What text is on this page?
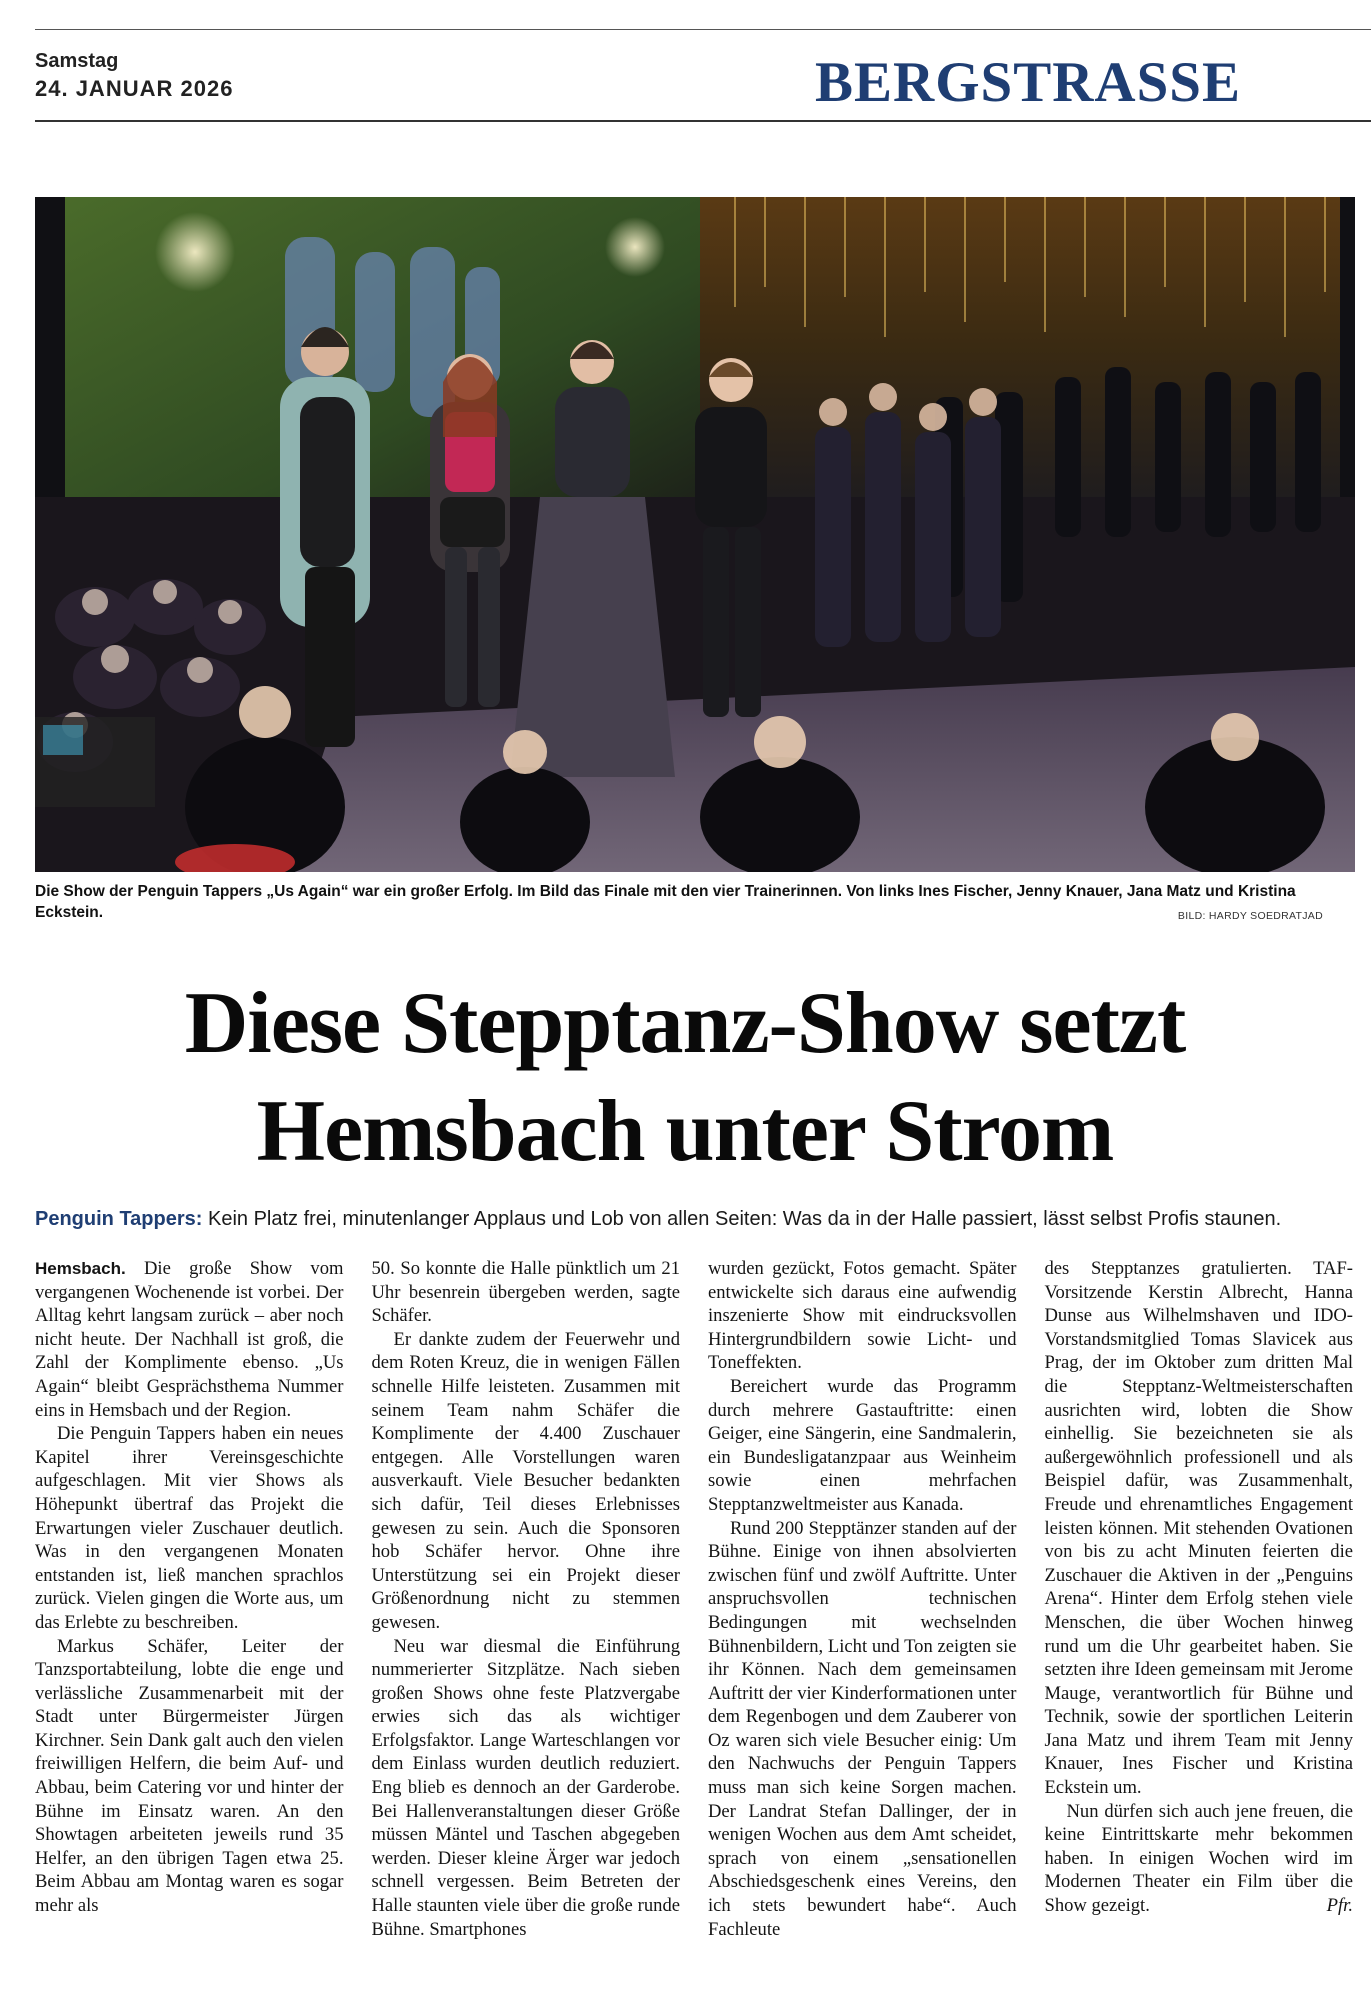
Samstag
24. JANUAR 2026	BERGSTRASSE
Die Show der Penguin Tappers „Us Again“ war ein großer Erfolg. Im Bild das Finale mit den vier Trainerinnen. Von links Ines Fischer, Jenny Knauer, Jana Matz und Kristina Eckstein.	BILD: HARDY SOEDRATJAD
Diese Stepptanz-Show setzt
Hemsbach unter Strom
Penguin Tappers: Kein Platz frei, minutenlanger Applaus und Lob von allen Seiten: Was da in der Halle passiert, lässt selbst Profis staunen.

Hemsbach. Die große Show vom vergangenen Wochenende ist vorbei. Der Alltag kehrt langsam zurück – aber noch nicht heute. Der Nachhall ist groß, die Zahl der Komplimente ebenso. „Us Again“ bleibt Gesprächsthema Nummer eins in Hemsbach und der Region.

Die Penguin Tappers haben ein neues Kapitel ihrer Vereinsgeschichte aufgeschlagen. Mit vier Shows als Höhepunkt übertraf das Projekt die Erwartungen vieler Zuschauer deutlich. Was in den vergangenen Monaten entstanden ist, ließ manchen sprachlos zurück. Vielen gingen die Worte aus, um das Erlebte zu beschreiben.

Markus Schäfer, Leiter der Tanzsportabteilung, lobte die enge und verlässliche Zusammenarbeit mit der Stadt unter Bürgermeister Jürgen Kirchner. Sein Dank galt auch den vielen freiwilligen Helfern, die beim Auf- und Abbau, beim Catering vor und hinter der Bühne im Einsatz waren. An den Showtagen arbeiteten jeweils rund 35 Helfer, an den übrigen Tagen etwa 25. Beim Abbau am Montag waren es sogar mehr als

50. So konnte die Halle pünktlich um 21 Uhr besenrein übergeben werden, sagte Schäfer.

Er dankte zudem der Feuerwehr und dem Roten Kreuz, die in wenigen Fällen schnelle Hilfe leisteten. Zusammen mit seinem Team nahm Schäfer die Komplimente der 4.400 Zuschauer entgegen. Alle Vorstellungen waren ausverkauft. Viele Besucher bedankten sich dafür, Teil dieses Erlebnisses gewesen zu sein. Auch die Sponsoren hob Schäfer hervor. Ohne ihre Unterstützung sei ein Projekt dieser Größenordnung nicht zu stemmen gewesen.

Neu war diesmal die Einführung nummerierter Sitzplätze. Nach sieben großen Shows ohne feste Platzvergabe erwies sich das als wichtiger Erfolgsfaktor. Lange Warteschlangen vor dem Einlass wurden deutlich reduziert. Eng blieb es dennoch an der Garderobe. Bei Hallenveranstaltungen dieser Größe müssen Mäntel und Taschen abgegeben werden. Dieser kleine Ärger war jedoch schnell vergessen. Beim Betreten der Halle staunten viele über die große runde Bühne. Smartphones

wurden gezückt, Fotos gemacht. Später entwickelte sich daraus eine aufwendig inszenierte Show mit eindrucksvollen Hintergrundbildern sowie Licht- und Toneffekten.

Bereichert wurde das Programm durch mehrere Gastauftritte: einen Geiger, eine Sängerin, eine Sandmalerin, ein Bundesligatanzpaar aus Weinheim sowie einen mehrfachen Stepptanzweltmeister aus Kanada.

Rund 200 Stepptänzer standen auf der Bühne. Einige von ihnen absolvierten zwischen fünf und zwölf Auftritte. Unter anspruchsvollen technischen Bedingungen mit wechselnden Bühnenbildern, Licht und Ton zeigten sie ihr Können. Nach dem gemeinsamen Auftritt der vier Kinderformationen unter dem Regenbogen und dem Zauberer von Oz waren sich viele Besucher einig: Um den Nachwuchs der Penguin Tappers muss man sich keine Sorgen machen. Der Landrat Stefan Dallinger, der in wenigen Wochen aus dem Amt scheidet, sprach von einem „sensationellen Abschiedsgeschenk eines Vereins, den ich stets bewundert habe“. Auch Fachleute

des Stepptanzes gratulierten. TAF-Vorsitzende Kerstin Albrecht, Hanna Dunse aus Wilhelmshaven und IDO-Vorstandsmitglied Tomas Slavicek aus Prag, der im Oktober zum dritten Mal die Stepptanz-Weltmeisterschaften ausrichten wird, lobten die Show einhellig. Sie bezeichneten sie als außergewöhnlich professionell und als Beispiel dafür, was Zusammenhalt, Freude und ehrenamtliches Engagement leisten können. Mit stehenden Ovationen von bis zu acht Minuten feierten die Zuschauer die Aktiven in der „Penguins Arena“. Hinter dem Erfolg stehen viele Menschen, die über Wochen hinweg rund um die Uhr gearbeitet haben. Sie setzten ihre Ideen gemeinsam mit Jerome Mauge, verantwortlich für Bühne und Technik, sowie der sportlichen Leiterin Jana Matz und ihrem Team mit Jenny Knauer, Ines Fischer und Kristina Eckstein um.

Nun dürfen sich auch jene freuen, die keine Eintrittskarte mehr bekommen haben. In einigen Wochen wird im Modernen Theater ein Film über die Show gezeigt.	Pfr.
